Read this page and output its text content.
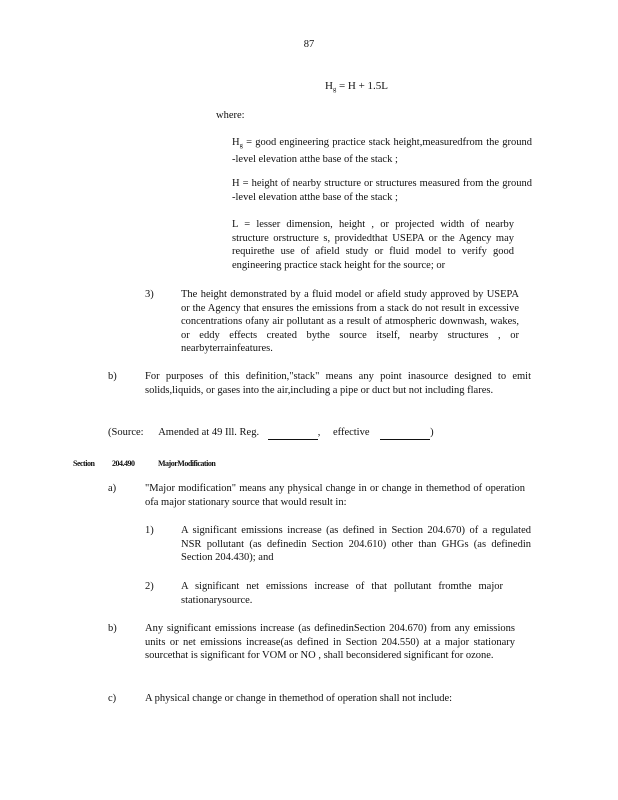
87
$H_g = H + 1.5L$
where:
$H_g$ = good engineering practice stack height,measuredfrom the ground -level elevation atthe base of the stack ;
H = height of nearby structure or structures measured from the ground -level elevation atthe base of the stack ;
L = lesser dimension, height , or projected width of nearby structure orstructure s, providedthat USEPA or the Agency may requirethe use of afield study or fluid model to verify good engineering practice stack height for the source; or
3)	The height demonstrated by a fluid model or afield study approved by USEPA or the Agency that ensures the emissions from a stack do not result in excessive concentrations ofany air pollutant as a result of atmospheric downwash, wakes, or eddy effects created bythe source itself, nearby structures , or nearbyterrainfeatures.
b)	For purposes of this definition,"stack" means any point inasource designed to emit solids,liquids, or gases into the air,including a pipe or duct but not including flares.
(Source: Amended at 49 Ill. Reg.	, effective	)
Section 204.490	MajorModification
a)	"Major modification" means any physical change in or change in themethod of operation ofa major stationary source that would result in:
1)	A significant emissions increase (as defined in Section 204.670) of a regulated NSR pollutant (as definedin Section 204.610) other than GHGs (as definedin Section 204.430); and
2)	A significant net emissions increase of that pollutant fromthe major stationarysource.
b)	Any significant emissions increase (as definedinSection 204.670) from any emissions units or net emissions increase(as defined in Section 204.550) at a major stationary sourcethat is significant for VOM or NO , shall beconsidered significant for ozone.
c)	A physical change or change in themethod of operation shall not include:
